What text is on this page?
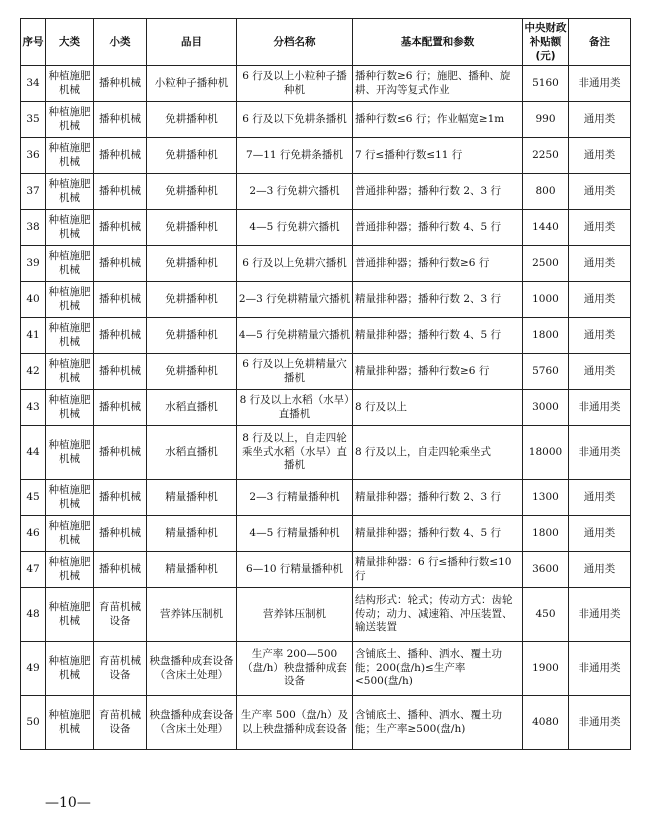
序号	大类	小类	品目	分档名称	基本配置和参数	中央财政补贴额(元)	备注
34	种植施肥机械	播种机械	小粒种子播种机	6 行及以上小粒种子播种机	播种行数≥6 行；施肥、播种、旋耕、开沟等复式作业	5160	非通用类
35	种植施肥机械	播种机械	免耕播种机	6 行及以下免耕条播机	播种行数≤6 行；作业幅宽≥1m	990	通用类
36	种植施肥机械	播种机械	免耕播种机	7—11 行免耕条播机	7 行≤播种行数≤11 行	2250	通用类
37	种植施肥机械	播种机械	免耕播种机	2—3 行免耕穴播机	普通排种器；播种行数 2、3 行	800	通用类
38	种植施肥机械	播种机械	免耕播种机	4—5 行免耕穴播机	普通排种器；播种行数 4、5 行	1440	通用类
39	种植施肥机械	播种机械	免耕播种机	6 行及以上免耕穴播机	普通排种器；播种行数≥6 行	2500	通用类
40	种植施肥机械	播种机械	免耕播种机	2—3 行免耕精量穴播机	精量排种器；播种行数 2、3 行	1000	通用类
41	种植施肥机械	播种机械	免耕播种机	4—5 行免耕精量穴播机	精量排种器；播种行数 4、5 行	1800	通用类
42	种植施肥机械	播种机械	免耕播种机	6 行及以上免耕精量穴播机	精量排种器；播种行数≥6 行	5760	通用类
43	种植施肥机械	播种机械	水稻直播机	8 行及以上水稻（水旱）直播机	8 行及以上	3000	非通用类
44	种植施肥机械	播种机械	水稻直播机	8 行及以上，自走四轮乘坐式水稻（水旱）直播机	8 行及以上，自走四轮乘坐式	18000	非通用类
45	种植施肥机械	播种机械	精量播种机	2—3 行精量播种机	精量排种器；播种行数 2、3 行	1300	通用类
46	种植施肥机械	播种机械	精量播种机	4—5 行精量播种机	精量排种器；播种行数 4、5 行	1800	通用类
47	种植施肥机械	播种机械	精量播种机	6—10 行精量播种机	精量排种器：6 行≤播种行数≤10 行	3600	通用类
48	种植施肥机械	育苗机械设备	营养钵压制机	营养钵压制机	结构形式：轮式；传动方式：齿轮传动；动力、减速箱、冲压装置、输送装置	450	非通用类
49	种植施肥机械	育苗机械设备	秧盘播种成套设备（含床土处理）	生产率 200—500（盘/h）秧盘播种成套设备	含铺底土、播种、洒水、覆土功能；200(盘/h)≤生产率<500(盘/h)	1900	非通用类
50	种植施肥机械	育苗机械设备	秧盘播种成套设备（含床土处理）	生产率 500（盘/h）及以上秧盘播种成套设备	含铺底土、播种、洒水、覆土功能；生产率≥500(盘/h)	4080	非通用类
—10—
